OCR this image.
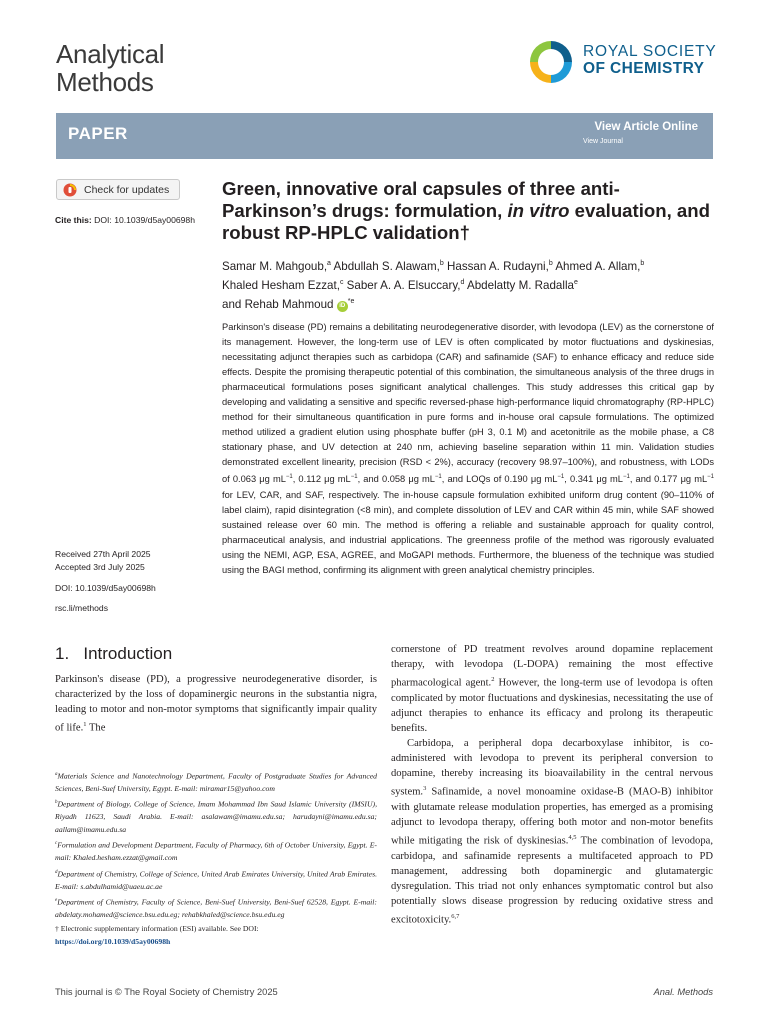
Analytical
Methods
ROYAL SOCIETY
OF CHEMISTRY
PAPER	View Article Online
View Journal
Check for updates
Cite this: DOI: 10.1039/d5ay00698h
Received 27th April 2025
Accepted 3rd July 2025
DOI: 10.1039/d5ay00698h
rsc.li/methods
Green, innovative oral capsules of three anti-Parkinson’s drugs: formulation, in vitro evaluation, and robust RP-HPLC validation†
Samar M. Mahgoub,$^a$ Abdullah S. Alawam,$^b$ Hassan A. Rudayni,$^b$ Ahmed A. Allam,$^b$
Khaled Hesham Ezzat,$^c$ Saber A. A. Elsuccary,$^d$ Abdelatty M. Radalla$^e$
and Rehab Mahmoud $iD^{*e}$
Parkinson's disease (PD) remains a debilitating neurodegenerative disorder, with levodopa (LEV) as the cornerstone of its management. However, the long-term use of LEV is often complicated by motor fluctuations and dyskinesias, necessitating adjunct therapies such as carbidopa (CAR) and safinamide (SAF) to enhance efficacy and reduce side effects. Despite the promising therapeutic potential of this combination, the simultaneous analysis of the three drugs in pharmaceutical formulations poses significant analytical challenges. This study addresses this critical gap by developing and validating a sensitive and specific reversed-phase high-performance liquid chromatography (RP-HPLC) method for their simultaneous quantification in pure forms and in-house oral capsule formulations. The optimized method utilized a gradient elution using phosphate buffer (pH 3, 0.1 M) and acetonitrile as the mobile phase, a C8 stationary phase, and UV detection at 240 nm, achieving baseline separation within 11 min. Validation studies demonstrated excellent linearity, precision (RSD < 2%), accuracy (recovery 98.97–100%), and robustness, with LODs of 0.063 μg $mL^{-1}$, 0.112 μg $mL^{-1}$, and 0.058 μg $mL^{-1}$, and LOQs of 0.190 μg $mL^{-1}$, 0.341 μg $mL^{-1}$, and 0.177 μg $mL^{-1}$ for LEV, CAR, and SAF, respectively. The in-house capsule formulation exhibited uniform drug content (90–110% of label claim), rapid disintegration (<8 min), and complete dissolution of LEV and CAR within 45 min, while SAF showed sustained release over 60 min. The method is offering a reliable and sustainable approach for quality control, pharmaceutical analysis, and industrial applications. The greenness profile of the method was rigorously evaluated using the NEMI, AGP, ESA, AGREE, and MoGAPI methods. Furthermore, the blueness of the technique was studied using the BAGI method, confirming its alignment with green analytical chemistry principles.
1.   Introduction

Parkinson's disease (PD), a progressive neurodegenerative disorder, is characterized by the loss of dopaminergic neurons in the substantia nigra, leading to motor and non-motor symptoms that significantly impair quality of life.$^1$ The

cornerstone of PD treatment revolves around dopamine replacement therapy, with levodopa (L-DOPA) remaining the most effective pharmacological agent.$^2$ However, the long-term use of levodopa is often complicated by motor fluctuations and dyskinesias, necessitating the use of adjunct therapies to enhance its efficacy and prolong its therapeutic benefits.

Carbidopa, a peripheral dopa decarboxylase inhibitor, is co-administered with levodopa to prevent its peripheral conversion to dopamine, thereby increasing its bioavailability in the central nervous system.$^3$ Safinamide, a novel monoamine oxidase-B (MAO-B) inhibitor with glutamate release modulation properties, has emerged as a promising adjunct to levodopa therapy, offering both motor and non-motor benefits while mitigating the risk of dyskinesias.$^{4,5}$ The combination of levodopa, carbidopa, and safinamide represents a multifaceted approach to PD management, addressing both dopaminergic and glutamatergic dysregulation. This triad not only enhances symptomatic control but also potentially slows disease progression by reducing oxidative stress and excitotoxicity.$^{6,7}$

$^a$Materials Science and Nanotechnology Department, Faculty of Postgraduate Studies for Advanced Sciences, Beni-Suef University, Egypt. E-mail: miramar15@yahoo.com

$^b$Department of Biology, College of Science, Imam Mohammad Ibn Saud Islamic University (IMSIU), Riyadh 11623, Saudi Arabia. E-mail: asalawam@imamu.edu.sa; harudayni@imamu.edu.sa; aallam@imamu.edu.sa

$^c$Formulation and Development Department, Faculty of Pharmacy, 6th of October University, Egypt. E-mail: Khaled.hesham.ezzat@gmail.com

$^d$Department of Chemistry, College of Science, United Arab Emirates University, United Arab Emirates. E-mail: s.abdulhamid@uaeu.ac.ae

$^e$Department of Chemistry, Faculty of Science, Beni-Suef University, Beni-Suef 62528, Egypt. E-mail: abdelaty.mohamed@science.bsu.edu.eg; rehabkhaled@science.bsu.edu.eg

† Electronic supplementary information (ESI) available. See DOI:
https://doi.org/10.1039/d5ay00698h

This journal is © The Royal Society of Chemistry 2025	Anal. Methods
